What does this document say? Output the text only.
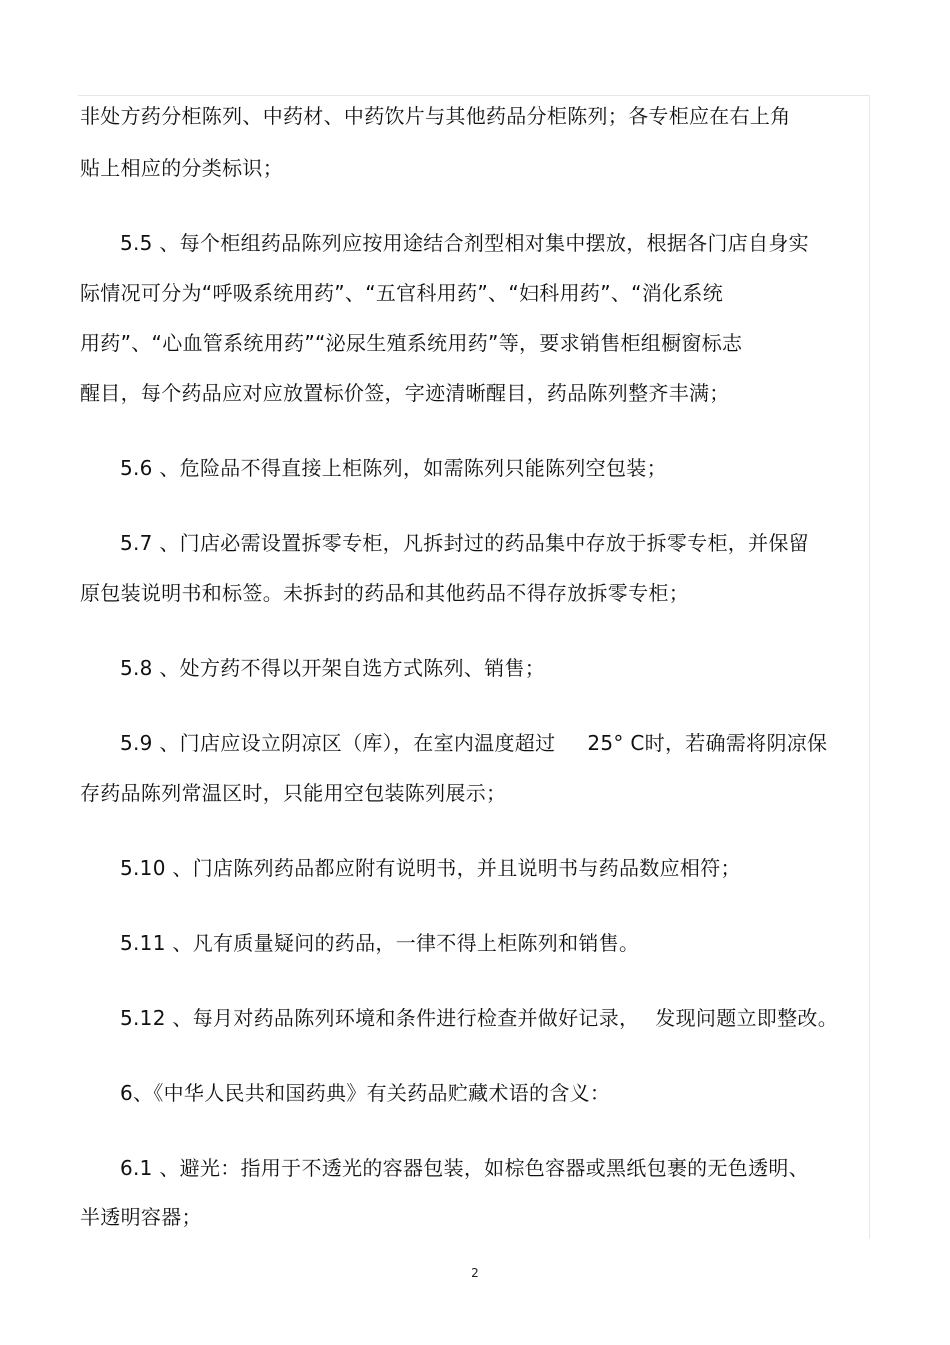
非处方药分柜陈列、中药材、中药饮片与其他药品分柜陈列；各专柜应在右上角
贴上相应的分类标识；
5.5 、每个柜组药品陈列应按用途结合剂型相对集中摆放，根据各门店自身实
际情况可分为“呼吸系统用药”、“五官科用药”、“妇科用药”、“消化系统
用药”、“心血管系统用药”“泌尿生殖系统用药”等，要求销售柜组橱窗标志
醒目，每个药品应对应放置标价签，字迹清晰醒目，药品陈列整齐丰满；
5.6 、危险品不得直接上柜陈列，如需陈列只能陈列空包装；
5.7 、门店必需设置拆零专柜，凡拆封过的药品集中存放于拆零专柜，并保留
原包装说明书和标签。未拆封的药品和其他药品不得存放拆零专柜；
5.8 、处方药不得以开架自选方式陈列、销售；
5.9 、门店应设立阴凉区（库），在室内温度超过 25° C时，若确需将阴凉保
存药品陈列常温区时，只能用空包装陈列展示；
5.10 、门店陈列药品都应附有说明书，并且说明书与药品数应相符；
5.11 、凡有质量疑问的药品，一律不得上柜陈列和销售。
5.12 、每月对药品陈列环境和条件进行检查并做好记录， 发现问题立即整改。
6、《中华人民共和国药典》有关药品贮藏术语的含义：
6.1 、避光：指用于不透光的容器包装，如棕色容器或黑纸包裹的无色透明、
半透明容器；
2
